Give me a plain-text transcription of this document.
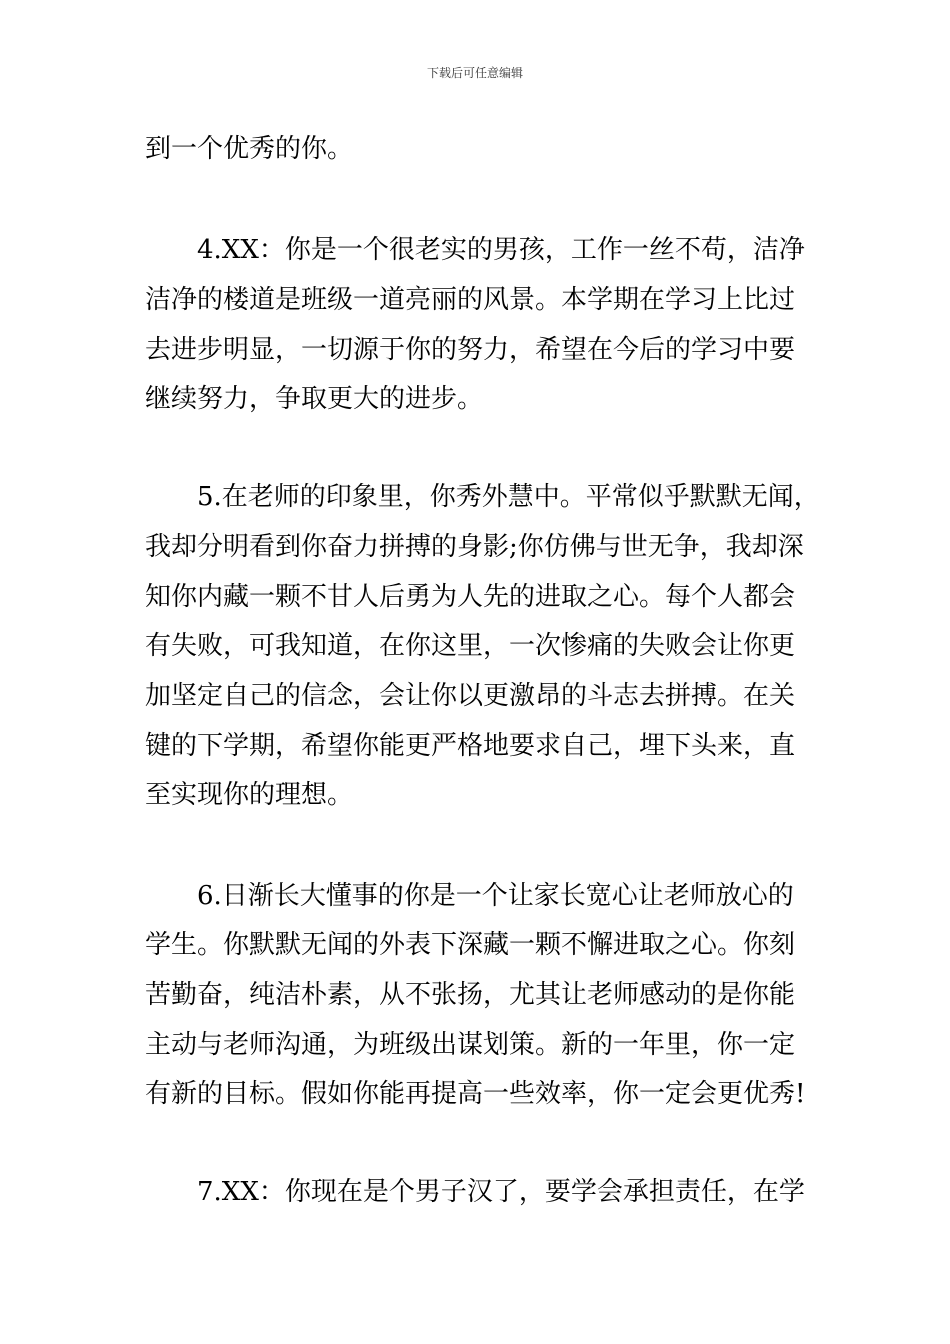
下载后可任意编辑
到一个优秀的你。
　　4.XX：你是一个很老实的男孩，工作一丝不苟，洁净
洁净的楼道是班级一道亮丽的风景。本学期在学习上比过
去进步明显，一切源于你的努力，希望在今后的学习中要
继续努力，争取更大的进步。
　　5.在老师的印象里，你秀外慧中。平常似乎默默无闻，
我却分明看到你奋力拼搏的身影;你仿佛与世无争，我却深
知你内藏一颗不甘人后勇为人先的进取之心。每个人都会
有失败，可我知道，在你这里，一次惨痛的失败会让你更
加坚定自己的信念，会让你以更激昂的斗志去拼搏。在关
键的下学期，希望你能更严格地要求自己，埋下头来，直
至实现你的理想。
　　6.日渐长大懂事的你是一个让家长宽心让老师放心的
学生。你默默无闻的外表下深藏一颗不懈进取之心。你刻
苦勤奋，纯洁朴素，从不张扬，尤其让老师感动的是你能
主动与老师沟通，为班级出谋划策。新的一年里，你一定
有新的目标。假如你能再提高一些效率，你一定会更优秀!
　　7.XX：你现在是个男子汉了，要学会承担责任，在学
